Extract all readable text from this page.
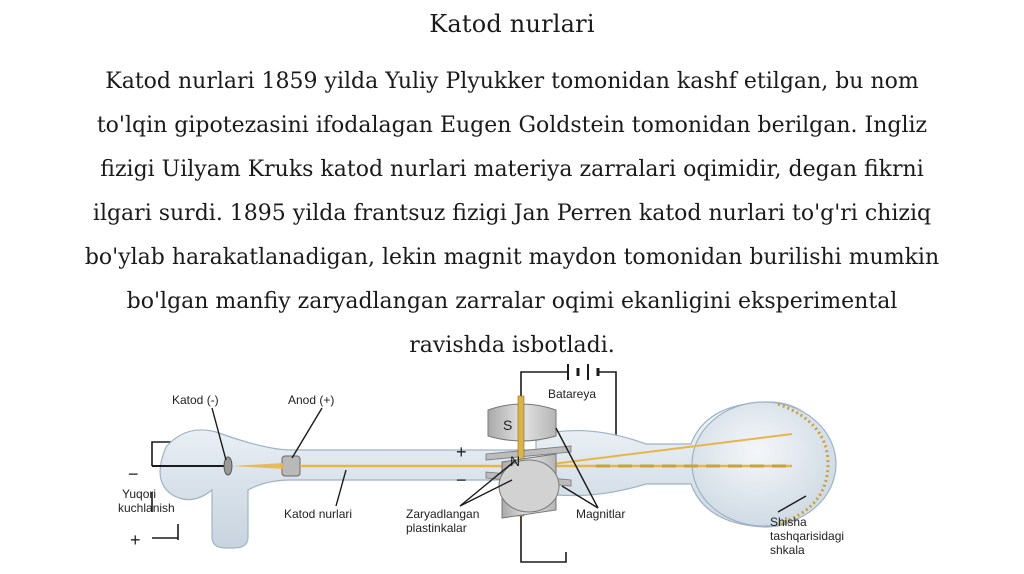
Katod nurlari
Katod nurlari 1859 yilda Yuliy Plyukker tomonidan kashf etilgan, bu nom
to'lqin gipotezasini ifodalagan Eugen Goldstein tomonidan berilgan. Ingliz
fizigi Uilyam Kruks katod nurlari materiya zarralari oqimidir, degan fikrni
ilgari surdi. 1895 yilda frantsuz fizigi Jan Perren katod nurlari to'g'ri chiziq
bo'ylab harakatlanadigan, lekin magnit maydon tomonidan burilishi mumkin
bo'lgan manfiy zaryadlangan zarralar oqimi ekanligini eksperimental
ravishda isbotladi.
Katod (-)	Anod (+)	Batareya
Yuqori
kuchlanish	Katod nurlari	Zaryadlangan
plastinkalar
Magnitlar
Shisha
tashqarisidagi
shkala
S
N
−
+
+
−
